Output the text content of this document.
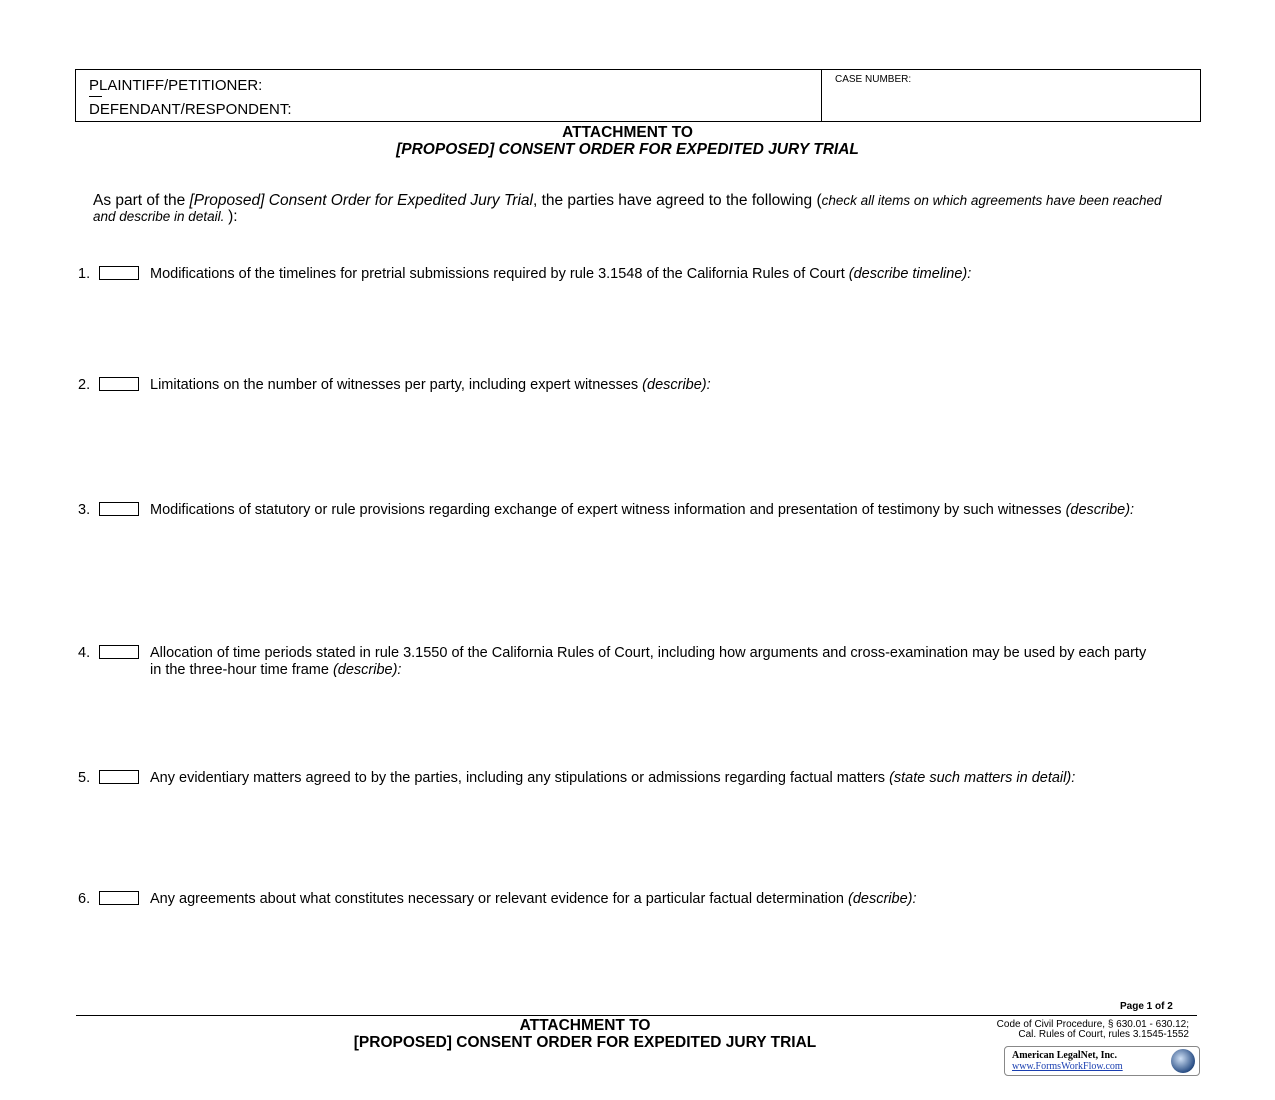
PLAINTIFF/PETITIONER:
DEFENDANT/RESPONDENT:
CASE NUMBER:
ATTACHMENT TO
[PROPOSED] CONSENT ORDER FOR EXPEDITED JURY TRIAL
As part of the [Proposed] Consent Order for Expedited Jury Trial, the parties have agreed to the following (check all items on which agreements have been reached and describe in detail. ):
1.	Modifications of the timelines for pretrial submissions required by rule 3.1548 of the California Rules of Court (describe timeline):
2.	Limitations on the number of witnesses per party, including expert witnesses (describe):
3.	Modifications of statutory or rule provisions regarding exchange of expert witness information and presentation of testimony by such witnesses (describe):
4.	Allocation of time periods stated in rule 3.1550 of the California Rules of Court, including how arguments and cross-examination may be used by each party in the three-hour time frame (describe):
5.	Any evidentiary matters agreed to by the parties, including any stipulations or admissions regarding factual matters (state such matters in detail):
6.	Any agreements about what constitutes necessary or relevant evidence for a particular factual determination (describe):
Page 1 of 2
ATTACHMENT TO
[PROPOSED] CONSENT ORDER FOR EXPEDITED JURY TRIAL
Code of Civil Procedure, § 630.01 - 630.12;
Cal. Rules of Court, rules 3.1545-1552
American LegalNet, Inc.
www.FormsWorkFlow.com
